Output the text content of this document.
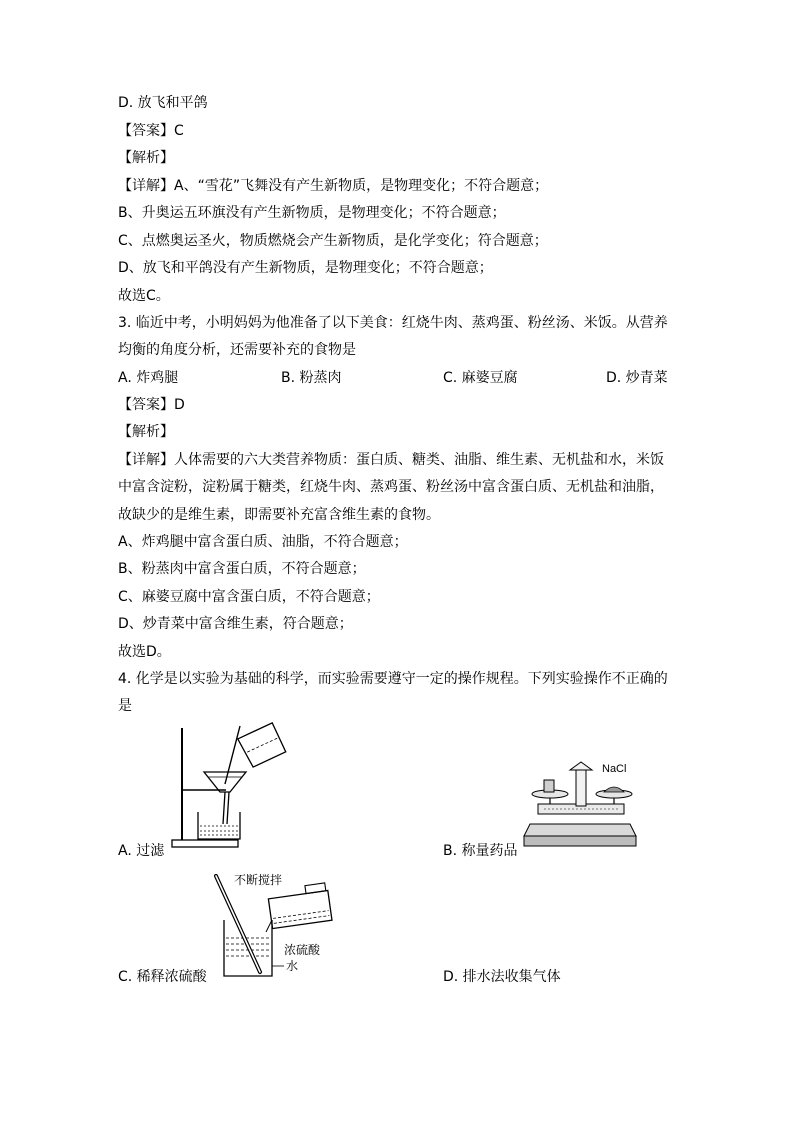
D. 放飞和平鸽
【答案】C
【解析】
【详解】A、“雪花”飞舞没有产生新物质，是物理变化；不符合题意；
B、升奥运五环旗没有产生新物质，是物理变化；不符合题意；
C、点燃奥运圣火，物质燃烧会产生新物质，是化学变化；符合题意；
D、放飞和平鸽没有产生新物质，是物理变化；不符合题意；
故选C。
3. 临近中考，小明妈妈为他准备了以下美食：红烧牛肉、蒸鸡蛋、粉丝汤、米饭。从营养
均衡的角度分析，还需要补充的食物是
A. 炸鸡腿	B. 粉蒸肉	C. 麻婆豆腐	D. 炒青菜
【答案】D
【解析】
【详解】人体需要的六大类营养物质：蛋白质、糖类、油脂、维生素、无机盐和水，米饭
中富含淀粉，淀粉属于糖类，红烧牛肉、蒸鸡蛋、粉丝汤中富含蛋白质、无机盐和油脂，
故缺少的是维生素，即需要补充富含维生素的食物。
A、炸鸡腿中富含蛋白质、油脂，不符合题意；
B、粉蒸肉中富含蛋白质，不符合题意；
C、麻婆豆腐中富含蛋白质，不符合题意；
D、炒青菜中富含维生素，符合题意；
故选D。
4. 化学是以实验为基础的科学，而实验需要遵守一定的操作规程。下列实验操作不正确的
是
A. 过滤
NaCl
B. 称量药品
不断搅拌
浓硫酸
水
C. 稀释浓硫酸	D. 排水法收集气体
